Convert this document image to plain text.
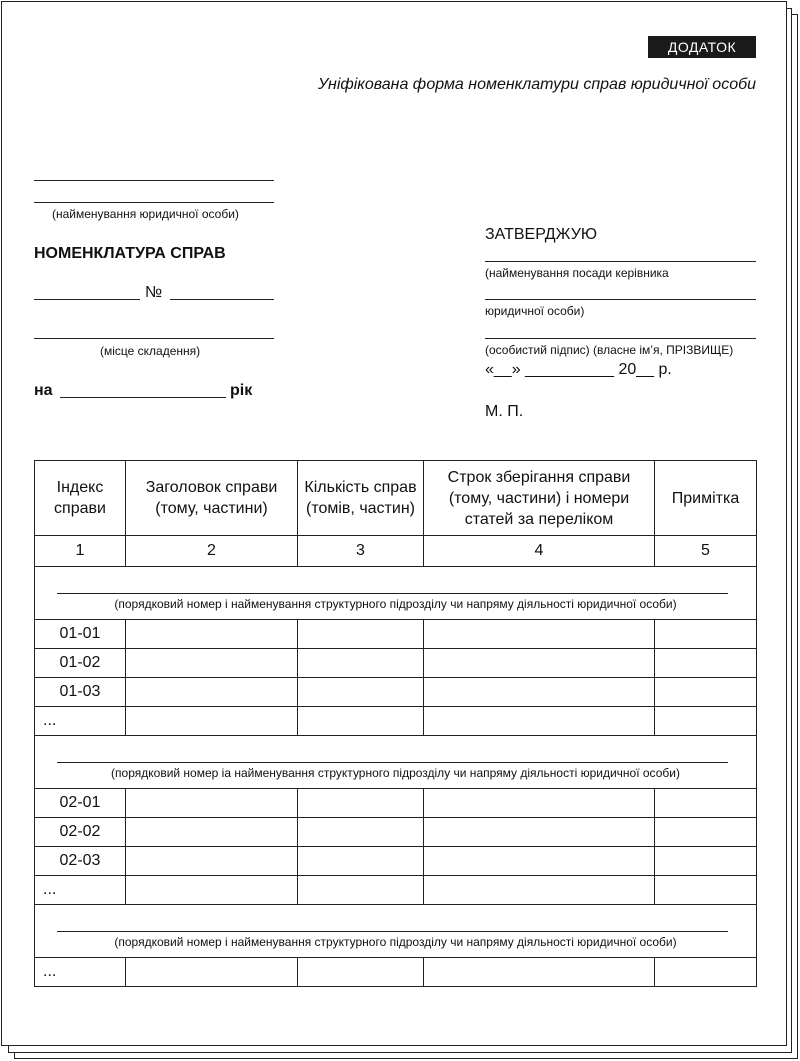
ДОДАТОК
Уніфікована форма номенклатури справ юридичної особи
(найменування юридичної особи)
НОМЕНКЛАТУРА СПРАВ
№
(місце складення)
на	рік
ЗАТВЕРДЖУЮ
(найменування посади керівника
юридичної особи)
(особистий підпис) (власне ім’я, ПРІЗВИЩЕ)
«__» __________ 20__ р.
М. П.
Індекс справи	Заголовок справи (тому, частини)	Кількість справ (томів, частин)	Строк зберігання справи (тому, частини) і номери статей за переліком	Примітка
1	2	3	4	5

(порядковий номер і найменування структурного підрозділу чи напряму діяльності юридичної особи)				

01-01				
01-02				
01-03				
...				

(порядковий номер іа найменування структурного підрозділу чи напряму діяльності юридичної особи)				

02-01				
02-02				
02-03				
...				

(порядковий номер і найменування структурного підрозділу чи напряму діяльності юридичної особи)				

...				
